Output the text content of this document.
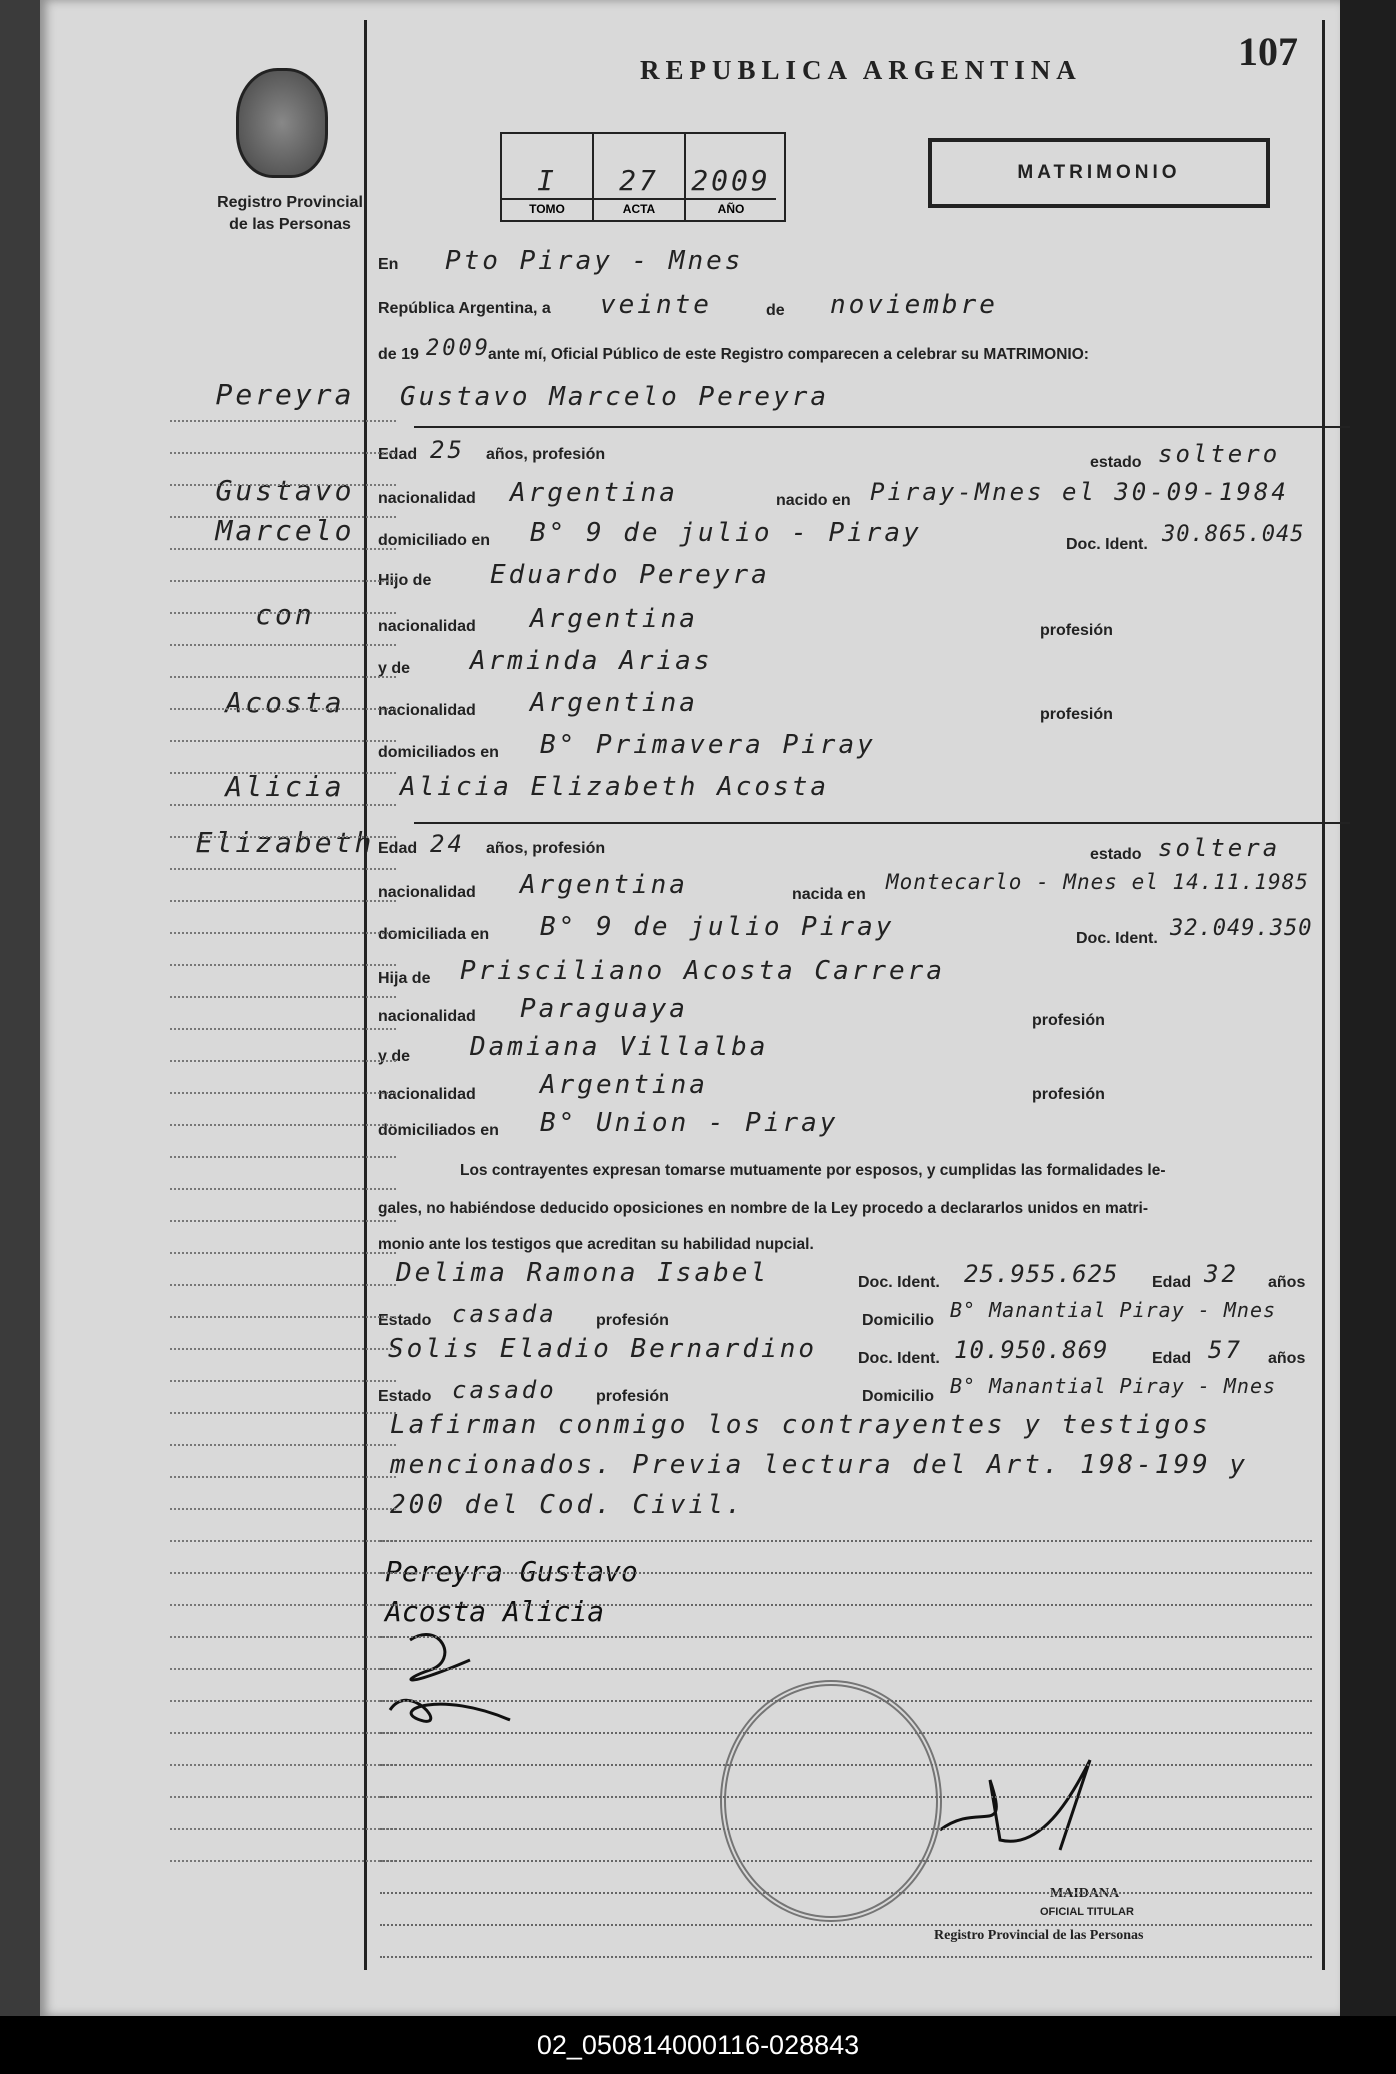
Registro Provincial
de las Personas
REPUBLICA ARGENTINA	107
I	27	2009
TOMO	ACTA	AÑO
MATRIMONIO
Pereyra
Gustavo
Marcelo
con
Acosta
Alicia
Elizabeth
En Pto Piray - Mnes
República Argentina, a veinte	de noviembre
de 19 2009
ante mí, Oficial Público de este Registro comparecen a celebrar su MATRIMONIO:
Gustavo Marcelo Pereyra
Edad 25 años, profesión	estado soltero
nacionalidad Argentina	nacido en Piray-Mnes el 30-09-1984
domiciliado en B° 9 de julio - Piray	Doc. Ident. 30.865.045
Hijo de Eduardo Pereyra
nacionalidad Argentina	profesión
y de Arminda Arias
nacionalidad Argentina	profesión
domiciliados en B° Primavera Piray
Alicia Elizabeth Acosta
Edad 24 años, profesión	estado soltera
nacionalidad Argentina	nacida en
Montecarlo - Mnes el 14.11.1985
domiciliada en B° 9 de julio Piray	Doc. Ident. 32.049.350
Hija de Prisciliano Acosta Carrera
nacionalidad Paraguaya	profesión
y de Damiana Villalba
nacionalidad Argentina	profesión
domiciliados en B° Union - Piray
Los contrayentes expresan tomarse mutuamente por esposos, y cumplidas las formalidades le-
gales, no habiéndose deducido oposiciones en nombre de la Ley procedo a declararlos unidos en matri-
monio ante los testigos que acreditan su habilidad nupcial.
Delima Ramona Isabel	Doc. Ident. 25.955.625 Edad 32 años
Estado casada profesión	Domicilio B° Manantial Piray - Mnes
Solis Eladio Bernardino	Doc. Ident. 10.950.869	Edad 57 años
Estado casado profesión	Domicilio B° Manantial Piray - Mnes
Lafirman conmigo los contrayentes y testigos
mencionados. Previa lectura del Art. 198-199 y
200 del Cod. Civil.
Pereyra Gustavo
Acosta Alicia
MAIDANA
OFICIAL TITULAR
Registro Provincial de las Personas
02_050814000116-028843
